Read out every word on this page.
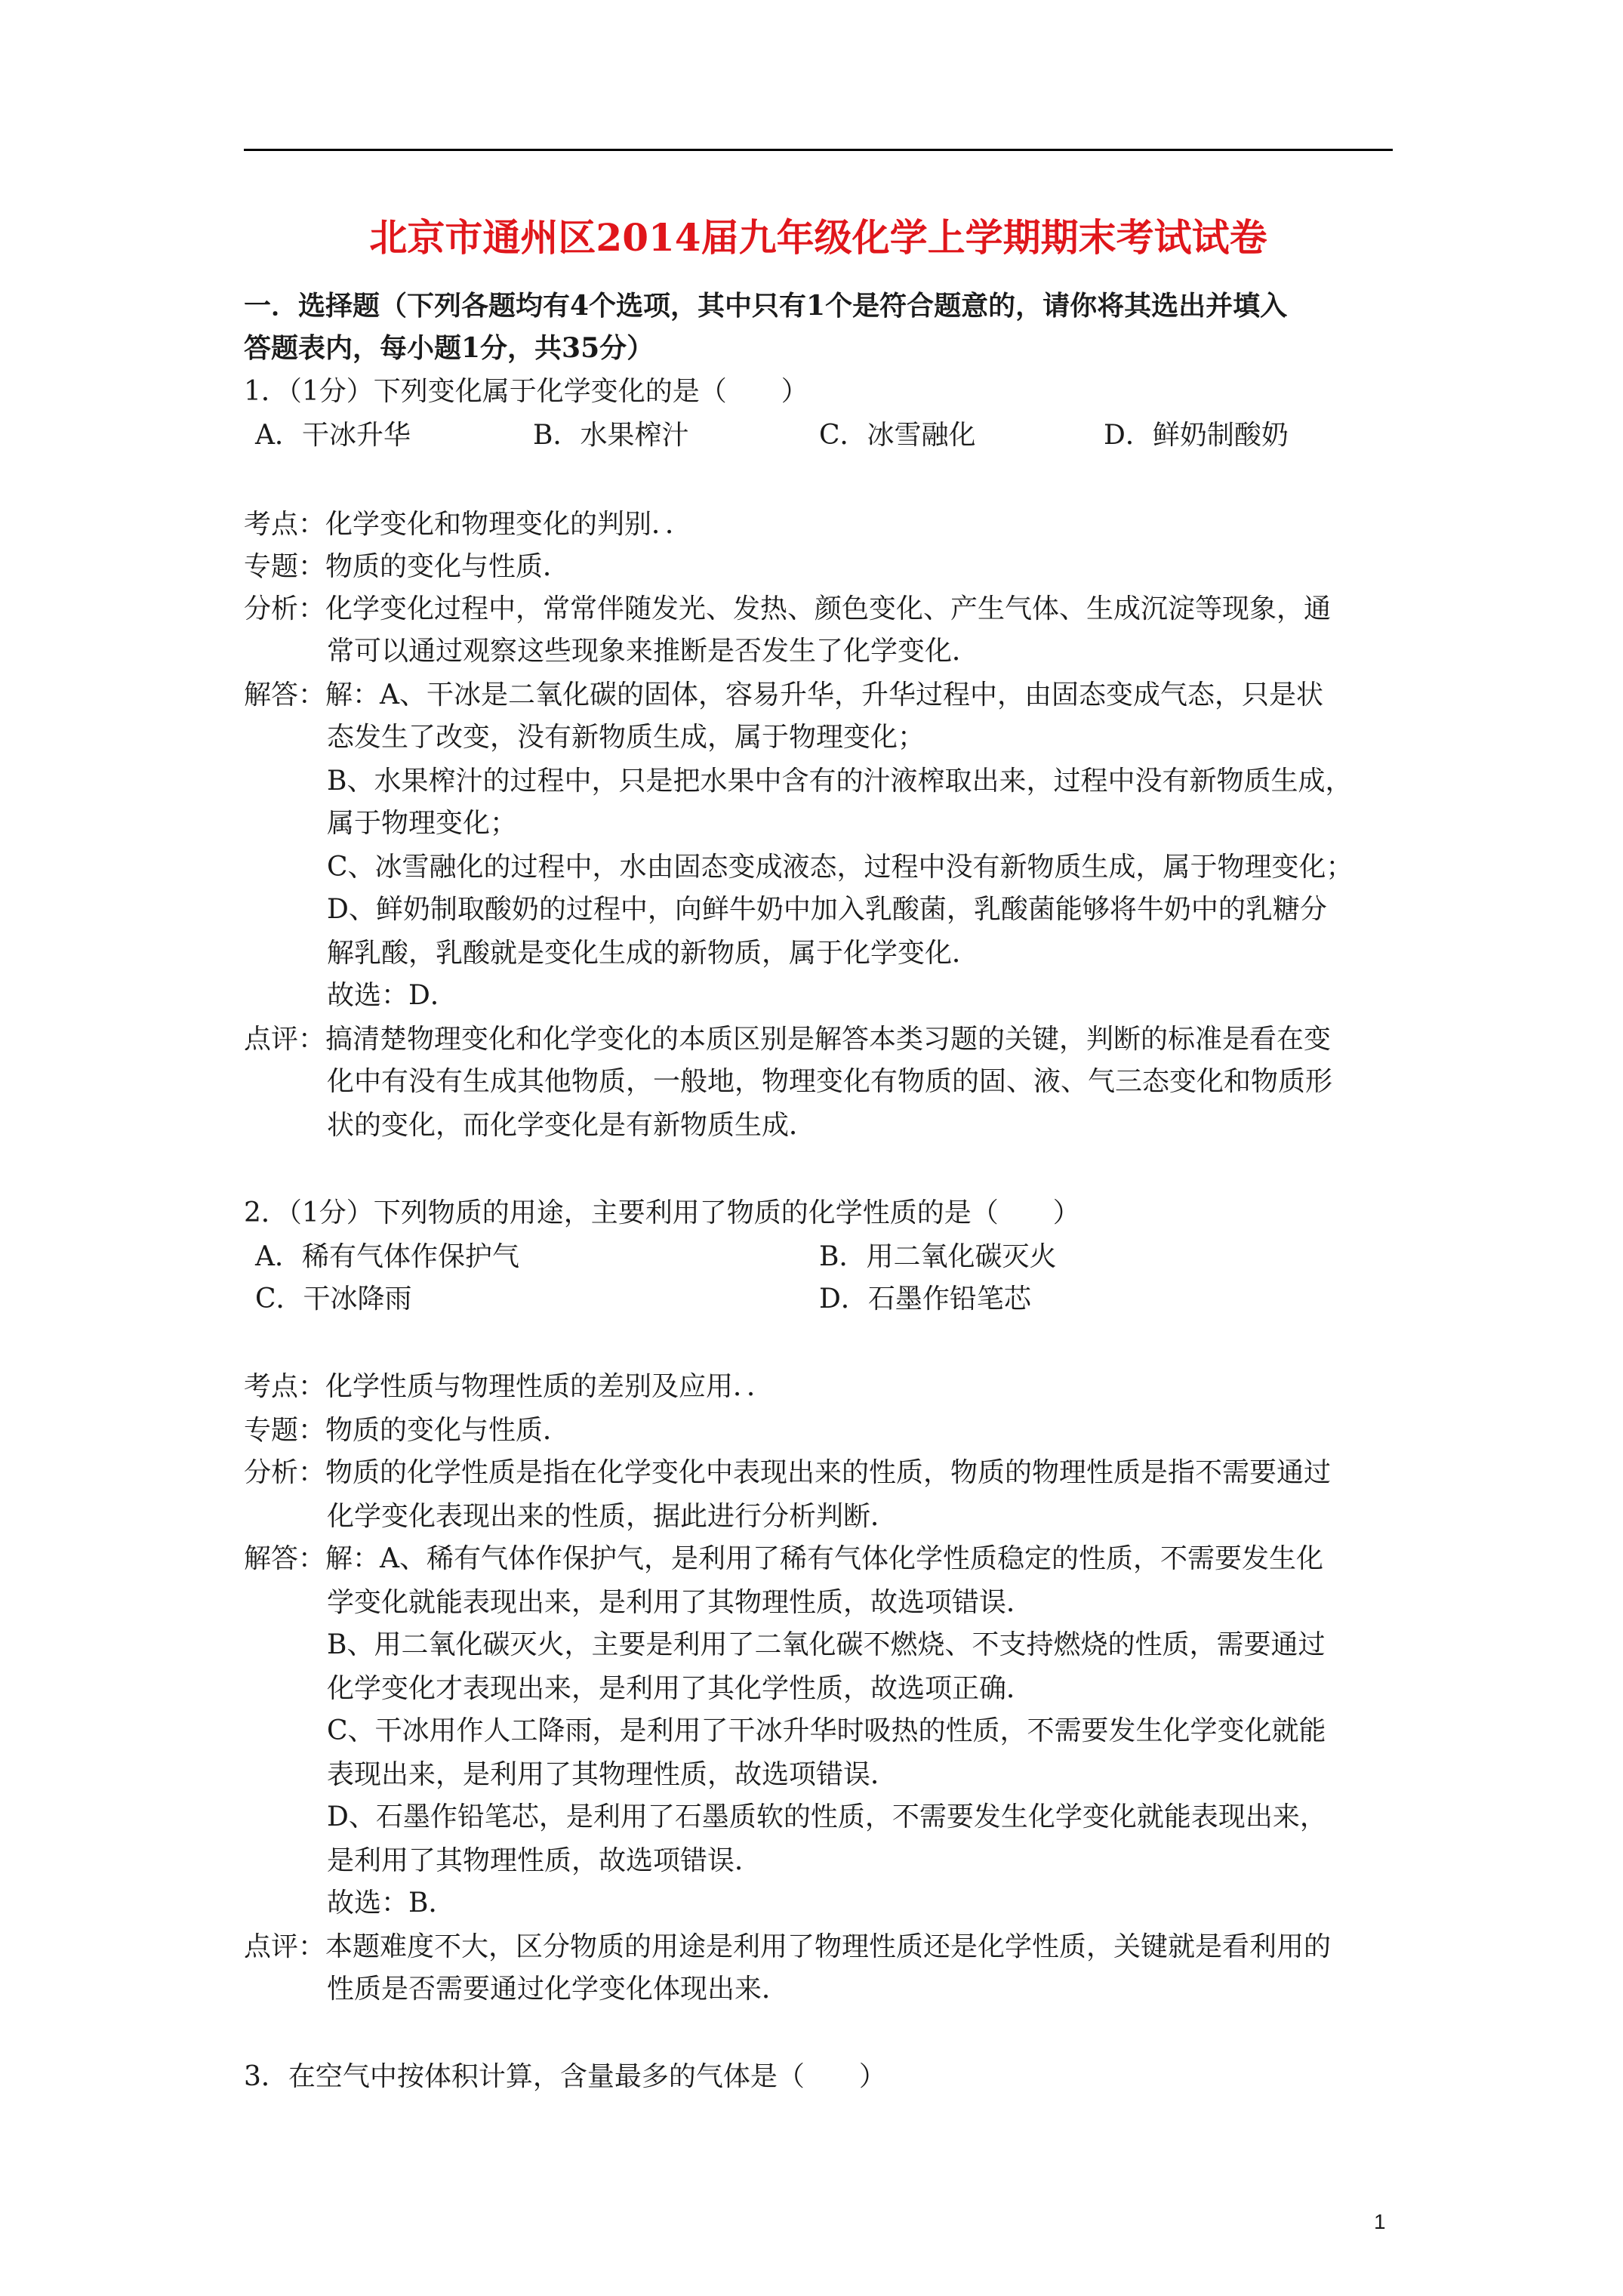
北京市通州区2014届九年级化学上学期期末考试试卷
一．选择题（下列各题均有4个选项，其中只有1个是符合题意的，请你将其选出并填入
答题表内，每小题1分，共35分）
1．（1分）下列变化属于化学变化的是（　　）
A．干冰升华	B．水果榨汁	C．冰雪融化	D．鲜奶制酸奶
考点：化学变化和物理变化的判别．．
专题：物质的变化与性质．
分析：化学变化过程中，常常伴随发光、发热、颜色变化、产生气体、生成沉淀等现象，通
常可以通过观察这些现象来推断是否发生了化学变化．
解答：解：A、干冰是二氧化碳的固体，容易升华，升华过程中，由固态变成气态，只是状
态发生了改变，没有新物质生成，属于物理变化；
B、水果榨汁的过程中，只是把水果中含有的汁液榨取出来，过程中没有新物质生成，
属于物理变化；
C、冰雪融化的过程中，水由固态变成液态，过程中没有新物质生成，属于物理变化；
D、鲜奶制取酸奶的过程中，向鲜牛奶中加入乳酸菌，乳酸菌能够将牛奶中的乳糖分
解乳酸，乳酸就是变化生成的新物质，属于化学变化．
故选：D．
点评：搞清楚物理变化和化学变化的本质区别是解答本类习题的关键，判断的标准是看在变
化中有没有生成其他物质，一般地，物理变化有物质的固、液、气三态变化和物质形
状的变化，而化学变化是有新物质生成．
2．（1分）下列物质的用途，主要利用了物质的化学性质的是（　　）
A．稀有气体作保护气	B．用二氧化碳灭火
C．干冰降雨	D．石墨作铅笔芯
考点：化学性质与物理性质的差别及应用．．
专题：物质的变化与性质．
分析：物质的化学性质是指在化学变化中表现出来的性质，物质的物理性质是指不需要通过
化学变化表现出来的性质，据此进行分析判断．
解答：解：A、稀有气体作保护气，是利用了稀有气体化学性质稳定的性质，不需要发生化
学变化就能表现出来，是利用了其物理性质，故选项错误．
B、用二氧化碳灭火，主要是利用了二氧化碳不燃烧、不支持燃烧的性质，需要通过
化学变化才表现出来，是利用了其化学性质，故选项正确．
C、干冰用作人工降雨，是利用了干冰升华时吸热的性质，不需要发生化学变化就能
表现出来，是利用了其物理性质，故选项错误．
D、石墨作铅笔芯，是利用了石墨质软的性质，不需要发生化学变化就能表现出来，
是利用了其物理性质，故选项错误．
故选：B．
点评：本题难度不大，区分物质的用途是利用了物理性质还是化学性质，关键就是看利用的
性质是否需要通过化学变化体现出来．
3．在空气中按体积计算，含量最多的气体是（　　）
1
